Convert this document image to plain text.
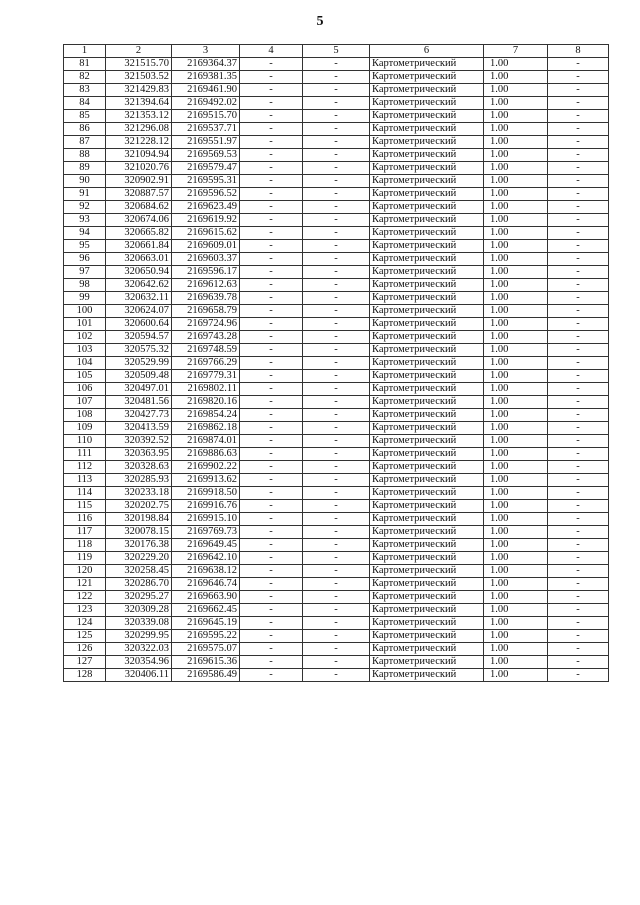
5
1	2	3	4	5	6	7	8
81	321515.70	2169364.37	-	-	Картометрический	1.00	-
82	321503.52	2169381.35	-	-	Картометрический	1.00	-
83	321429.83	2169461.90	-	-	Картометрический	1.00	-
84	321394.64	2169492.02	-	-	Картометрический	1.00	-
85	321353.12	2169515.70	-	-	Картометрический	1.00	-
86	321296.08	2169537.71	-	-	Картометрический	1.00	-
87	321228.12	2169551.97	-	-	Картометрический	1.00	-
88	321094.94	2169569.53	-	-	Картометрический	1.00	-
89	321020.76	2169579.47	-	-	Картометрический	1.00	-
90	320902.91	2169595.31	-	-	Картометрический	1.00	-
91	320887.57	2169596.52	-	-	Картометрический	1.00	-
92	320684.62	2169623.49	-	-	Картометрический	1.00	-
93	320674.06	2169619.92	-	-	Картометрический	1.00	-
94	320665.82	2169615.62	-	-	Картометрический	1.00	-
95	320661.84	2169609.01	-	-	Картометрический	1.00	-
96	320663.01	2169603.37	-	-	Картометрический	1.00	-
97	320650.94	2169596.17	-	-	Картометрический	1.00	-
98	320642.62	2169612.63	-	-	Картометрический	1.00	-
99	320632.11	2169639.78	-	-	Картометрический	1.00	-
100	320624.07	2169658.79	-	-	Картометрический	1.00	-
101	320600.64	2169724.96	-	-	Картометрический	1.00	-
102	320594.57	2169743.28	-	-	Картометрический	1.00	-
103	320575.32	2169748.59	-	-	Картометрический	1.00	-
104	320529.99	2169766.29	-	-	Картометрический	1.00	-
105	320509.48	2169779.31	-	-	Картометрический	1.00	-
106	320497.01	2169802.11	-	-	Картометрический	1.00	-
107	320481.56	2169820.16	-	-	Картометрический	1.00	-
108	320427.73	2169854.24	-	-	Картометрический	1.00	-
109	320413.59	2169862.18	-	-	Картометрический	1.00	-
110	320392.52	2169874.01	-	-	Картометрический	1.00	-
111	320363.95	2169886.63	-	-	Картометрический	1.00	-
112	320328.63	2169902.22	-	-	Картометрический	1.00	-
113	320285.93	2169913.62	-	-	Картометрический	1.00	-
114	320233.18	2169918.50	-	-	Картометрический	1.00	-
115	320202.75	2169916.76	-	-	Картометрический	1.00	-
116	320198.84	2169915.10	-	-	Картометрический	1.00	-
117	320078.15	2169769.73	-	-	Картометрический	1.00	-
118	320176.38	2169649.45	-	-	Картометрический	1.00	-
119	320229.20	2169642.10	-	-	Картометрический	1.00	-
120	320258.45	2169638.12	-	-	Картометрический	1.00	-
121	320286.70	2169646.74	-	-	Картометрический	1.00	-
122	320295.27	2169663.90	-	-	Картометрический	1.00	-
123	320309.28	2169662.45	-	-	Картометрический	1.00	-
124	320339.08	2169645.19	-	-	Картометрический	1.00	-
125	320299.95	2169595.22	-	-	Картометрический	1.00	-
126	320322.03	2169575.07	-	-	Картометрический	1.00	-
127	320354.96	2169615.36	-	-	Картометрический	1.00	-
128	320406.11	2169586.49	-	-	Картометрический	1.00	-
